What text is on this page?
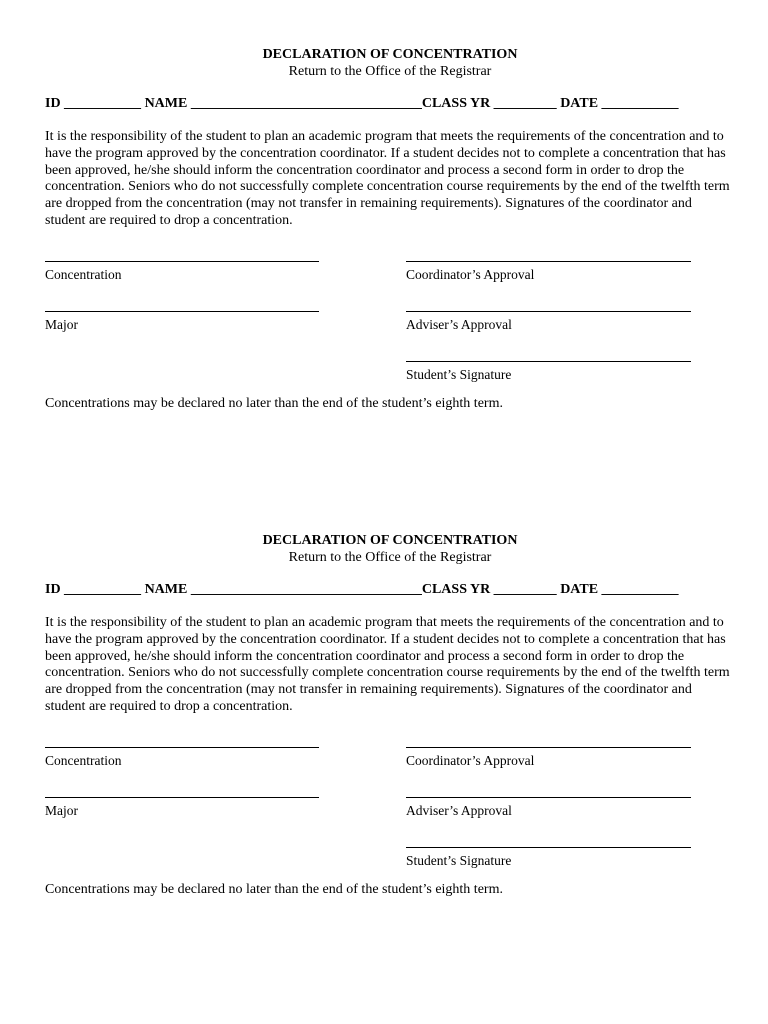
DECLARATION OF CONCENTRATION

Return to the Office of the Registrar

ID ___________ NAME _________________________________CLASS YR _________ DATE ___________
It is the responsibility of the student to plan an academic program that meets the requirements of the concentration and to have the program approved by the concentration coordinator. If a student decides not to complete a concentration that has been approved, he/she should inform the concentration coordinator and process a second form in order to drop the concentration. Seniors who do not successfully complete concentration course requirements by the end of the twelfth term are dropped from the concentration (may not transfer in remaining requirements). Signatures of the coordinator and student are required to drop a concentration.
Concentration	Coordinator’s Approval
Major	Adviser’s Approval
Student’s Signature
Concentrations may be declared no later than the end of the student’s eighth term.

DECLARATION OF CONCENTRATION

Return to the Office of the Registrar

ID ___________ NAME _________________________________CLASS YR _________ DATE ___________
It is the responsibility of the student to plan an academic program that meets the requirements of the concentration and to have the program approved by the concentration coordinator. If a student decides not to complete a concentration that has been approved, he/she should inform the concentration coordinator and process a second form in order to drop the concentration. Seniors who do not successfully complete concentration course requirements by the end of the twelfth term are dropped from the concentration (may not transfer in remaining requirements). Signatures of the coordinator and student are required to drop a concentration.
Concentration	Coordinator’s Approval
Major	Adviser’s Approval
Student’s Signature
Concentrations may be declared no later than the end of the student’s eighth term.
